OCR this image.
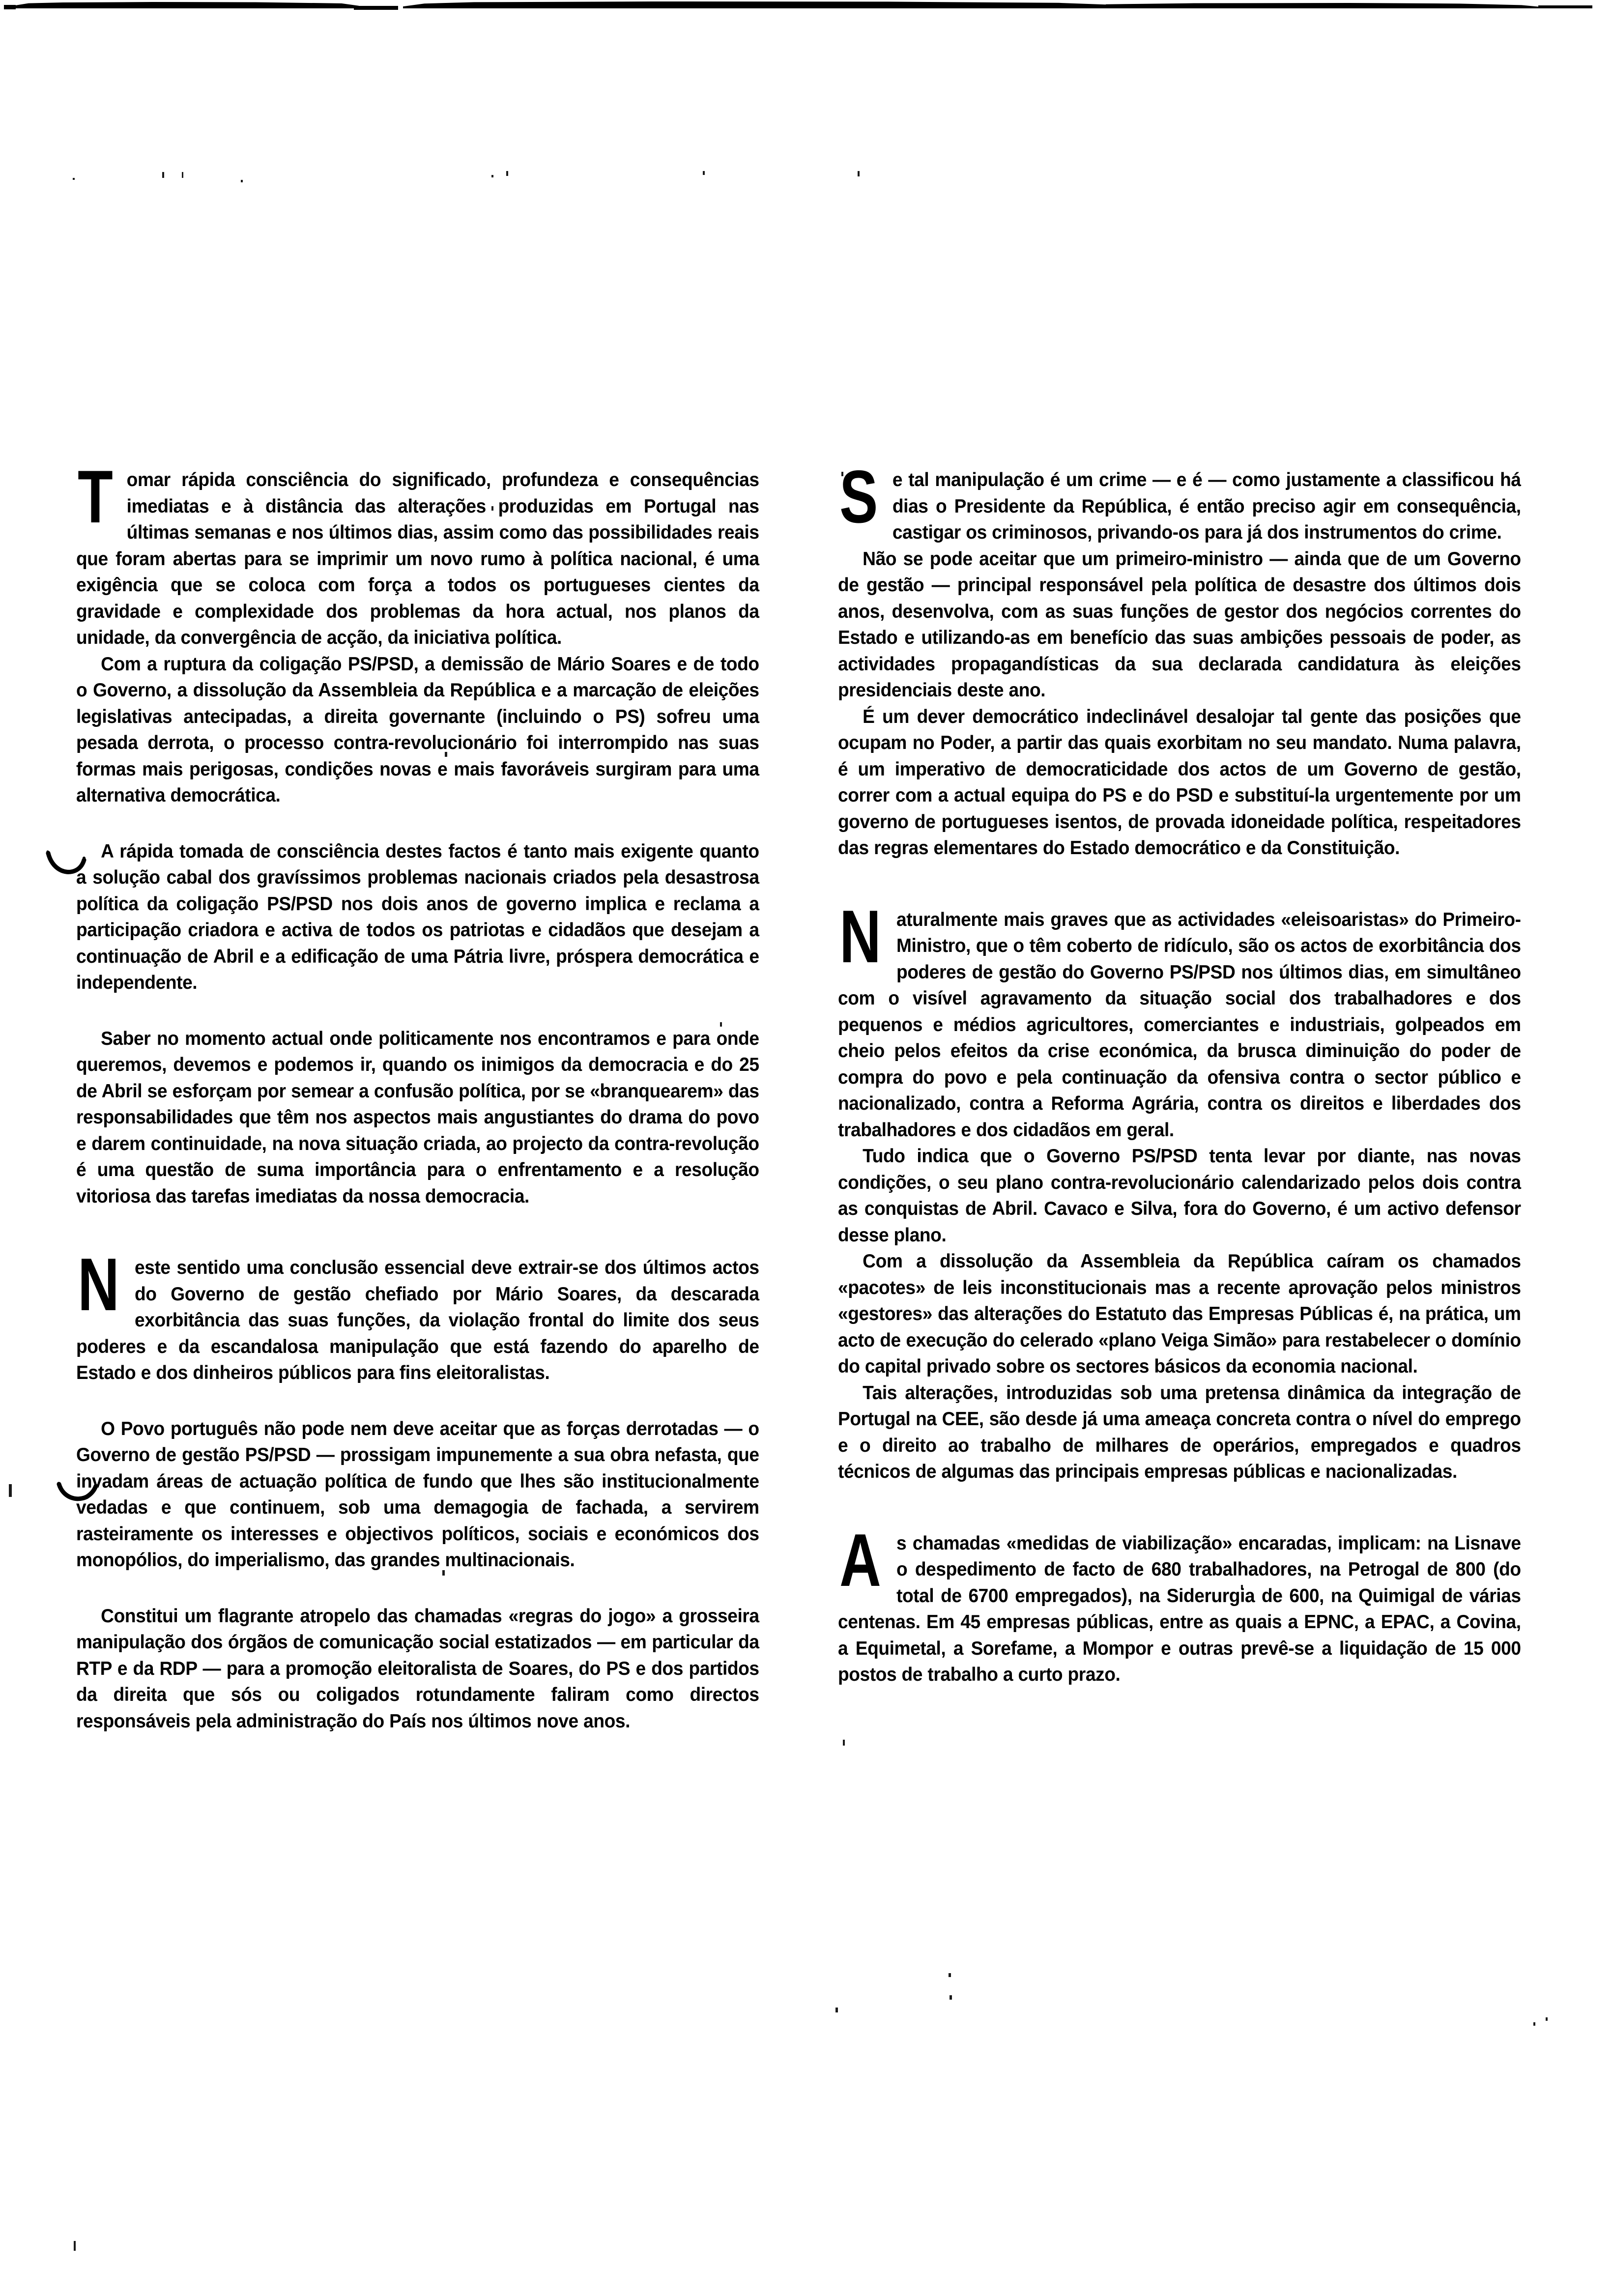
Tomar rápida consciência do significado, profundeza e consequências imediatas e à distância das alterações produzidas em Portugal nas últimas semanas e nos últimos dias, assim como das possibilidades reais que foram abertas para se imprimir um novo rumo à política nacional, é uma exigência que se coloca com força a todos os portugueses cientes da gravidade e complexidade dos problemas da hora actual, nos planos da unidade, da convergência de acção, da iniciativa política.

Com a ruptura da coligação PS/PSD, a demissão de Mário Soares e de todo o Governo, a dissolução da Assembleia da República e a marcação de eleições legislativas antecipadas, a direita governante (incluindo o PS) sofreu uma pesada derrota, o processo contra-revolucionário foi interrompido nas suas formas mais perigosas, condições novas e mais favoráveis surgiram para uma alternativa democrática.

A rápida tomada de consciência destes factos é tanto mais exigente quanto a solução cabal dos gravíssimos problemas nacionais criados pela desastrosa política da coligação PS/PSD nos dois anos de governo implica e reclama a participação criadora e activa de todos os patriotas e cidadãos que desejam a continuação de Abril e a edificação de uma Pátria livre, próspera democrática e independente.

Saber no momento actual onde politicamente nos encontramos e para onde queremos, devemos e podemos ir, quando os inimigos da democracia e do 25 de Abril se esforçam por semear a confusão política, por se «branquearem» das responsabilidades que têm nos aspectos mais angustiantes do drama do povo e darem continuidade, na nova situação criada, ao projecto da contra-revolução é uma questão de suma importância para o enfrentamento e a resolução vitoriosa das tarefas imediatas da nossa democracia.

Neste sentido uma conclusão essencial deve extrair-se dos últimos actos do Governo de gestão chefiado por Mário Soares, da descarada exorbitância das suas funções, da violação frontal do limite dos seus poderes e da escandalosa manipulação que está fazendo do aparelho de Estado e dos dinheiros públicos para fins eleitoralistas.

O Povo português não pode nem deve aceitar que as forças derrotadas — o Governo de gestão PS/PSD — prossigam impunemente a sua obra nefasta, que invadam áreas de actuação política de fundo que lhes são institucionalmente vedadas e que continuem, sob uma demagogia de fachada, a servirem rasteiramente os interesses e objectivos políticos, sociais e económicos dos monopólios, do imperialismo, das grandes multinacionais.

Constitui um flagrante atropelo das chamadas «regras do jogo» a grosseira manipulação dos órgãos de comunicação social estatizados — em particular da RTP e da RDP — para a promoção eleitoralista de Soares, do PS e dos partidos da direita que sós ou coligados rotundamente faliram como directos responsáveis pela administração do País nos últimos nove anos.

Se tal manipulação é um crime — e é — como justamente a classificou há dias o Presidente da República, é então preciso agir em consequência, castigar os criminosos, privando-os para já dos instrumentos do crime.

Não se pode aceitar que um primeiro-ministro — ainda que de um Governo de gestão — principal responsável pela política de desastre dos últimos dois anos, desenvolva, com as suas funções de gestor dos negócios correntes do Estado e utilizando-as em benefício das suas ambições pessoais de poder, as actividades propagandísticas da sua declarada candidatura às eleições presidenciais deste ano.

É um dever democrático indeclinável desalojar tal gente das posições que ocupam no Poder, a partir das quais exorbitam no seu mandato. Numa palavra, é um imperativo de democraticidade dos actos de um Governo de gestão, correr com a actual equipa do PS e do PSD e substituí-la urgentemente por um governo de portugueses isentos, de provada idoneidade política, respeitadores das regras elementares do Estado democrático e da Constituição.

Naturalmente mais graves que as actividades «eleisoaristas» do Primeiro-Ministro, que o têm coberto de ridículo, são os actos de exorbitância dos poderes de gestão do Governo PS/PSD nos últimos dias, em simultâneo com o visível agravamento da situação social dos trabalhadores e dos pequenos e médios agricultores, comerciantes e industriais, golpeados em cheio pelos efeitos da crise económica, da brusca diminuição do poder de compra do povo e pela continuação da ofensiva contra o sector público e nacionalizado, contra a Reforma Agrária, contra os direitos e liberdades dos trabalhadores e dos cidadãos em geral.

Tudo indica que o Governo PS/PSD tenta levar por diante, nas novas condições, o seu plano contra-revolucionário calendarizado pelos dois contra as conquistas de Abril. Cavaco e Silva, fora do Governo, é um activo defensor desse plano.

Com a dissolução da Assembleia da República caíram os chamados «pacotes» de leis inconstitucionais mas a recente aprovação pelos ministros «gestores» das alterações do Estatuto das Empresas Públicas é, na prática, um acto de execução do celerado «plano Veiga Simão» para restabelecer o domínio do capital privado sobre os sectores básicos da economia nacional.

Tais alterações, introduzidas sob uma pretensa dinâmica da integração de Portugal na CEE, são desde já uma ameaça concreta contra o nível do emprego e o direito ao trabalho de milhares de operários, empregados e quadros técnicos de algumas das principais empresas públicas e nacionalizadas.

As chamadas «medidas de viabilização» encaradas, implicam: na Lisnave o despedimento de facto de 680 trabalhadores, na Petrogal de 800 (do total de 6700 empregados), na Siderurgia de 600, na Quimigal de várias centenas. Em 45 empresas públicas, entre as quais a EPNC, a EPAC, a Covina, a Equimetal, a Sorefame, a Mompor e outras prevê-se a liquidação de 15 000 postos de trabalho a curto prazo.
